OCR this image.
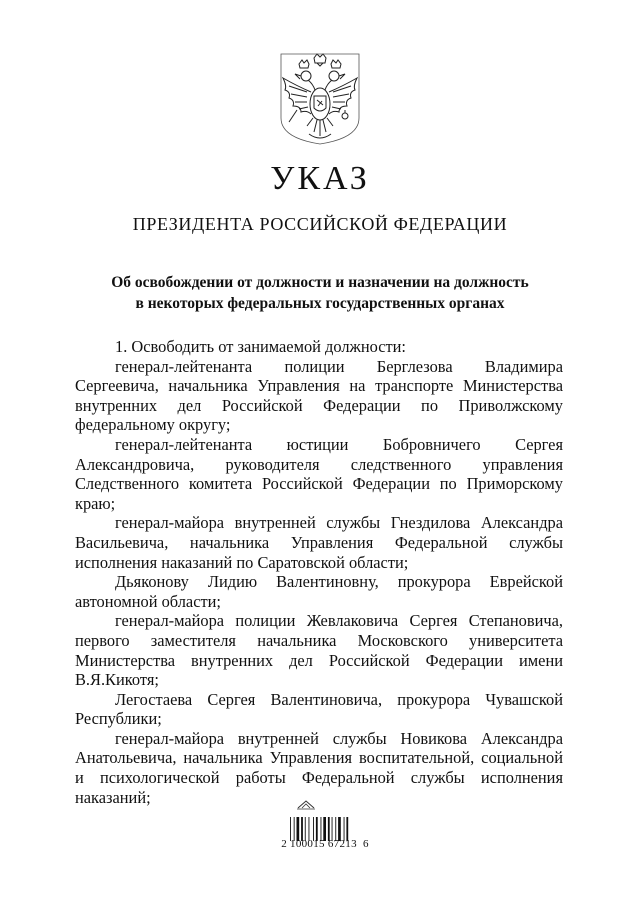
УКАЗ
ПРЕЗИДЕНТА РОССИЙСКОЙ ФЕДЕРАЦИИ
Об освобождении от должности и назначении на должность
в некоторых федеральных государственных органах
1. Освободить от занимаемой должности:
генерал-лейтенанта полиции Берглезова Владимира Сергеевича, начальника Управления на транспорте Министерства внутренних дел Российской Федерации по Приволжскому федеральному округу;
генерал-лейтенанта юстиции Бобровничего Сергея Александровича, руководителя следственного управления Следственного комитета Российской Федерации по Приморскому краю;
генерал-майора внутренней службы Гнездилова Александра Васильевича, начальника Управления Федеральной службы исполнения наказаний по Саратовской области;
Дьяконову Лидию Валентиновну, прокурора Еврейской автономной области;
генерал-майора полиции Жевлаковича Сергея Степановича, первого заместителя начальника Московского университета Министерства внутренних дел Российской Федерации имени В.Я.Кикотя;
Легостаева Сергея Валентиновича, прокурора Чувашской Республики;
генерал-майора внутренней службы Новикова Александра Анатольевича, начальника Управления воспитательной, социальной и психологической работы Федеральной службы исполнения наказаний;
2 100015 67213  6
